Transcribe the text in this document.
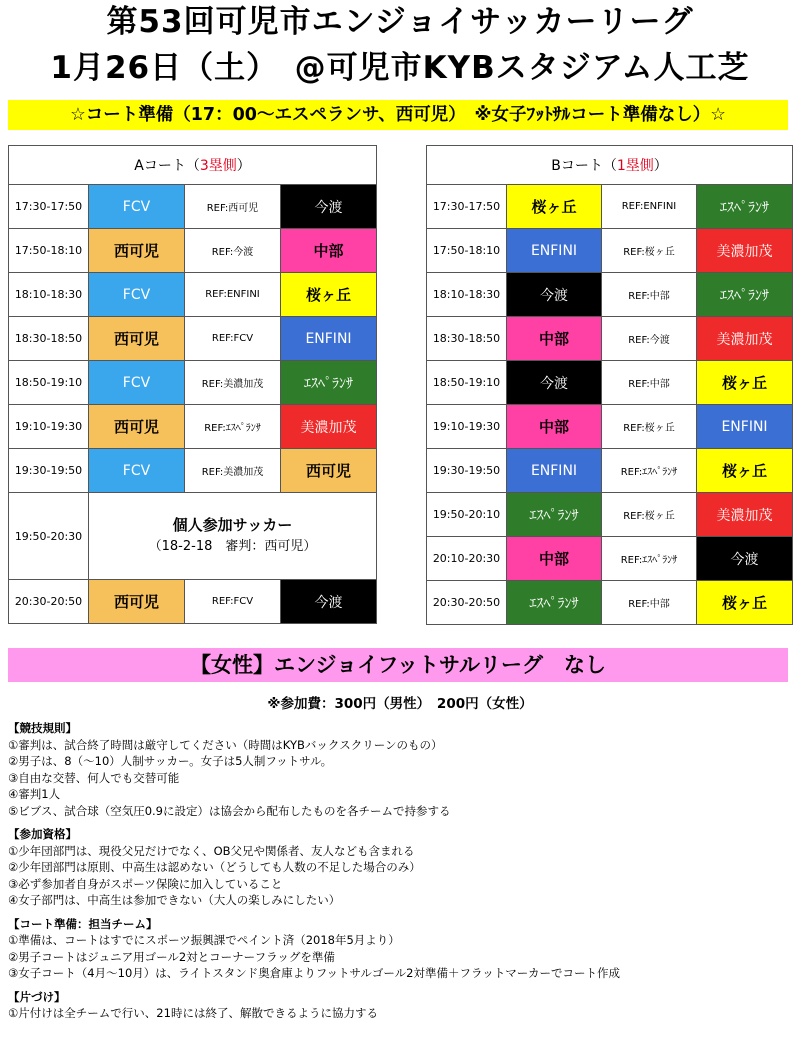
第53回可児市エンジョイサッカーリーグ
1月26日（土）　@可児市KYBスタジアム人工芝
☆コート準備（17：00～エスペランサ、西可児）　※女子ﾌｯﾄｻﾙコート準備なし）☆
Aコート（3塁側）			
17:30-17:50	FCV	REF:西可児	今渡
17:50-18:10	西可児	REF:今渡	中部
18:10-18:30	FCV	REF:ENFINI	桜ヶ丘
18:30-18:50	西可児	REF:FCV	ENFINI
18:50-19:10	FCV	REF:美濃加茂	ｴｽﾍﾟﾗﾝｻ
19:10-19:30	西可児	REF:ｴｽﾍﾟﾗﾝｻ	美濃加茂
19:30-19:50	FCV	REF:美濃加茂	西可児
19:50-20:30	個人参加サッカー
（18-2-18　審判：西可児）		

20:30-20:50	西可児	REF:FCV	今渡
Bコート（1塁側）			
17:30-17:50	桜ヶ丘	REF:ENFINI	ｴｽﾍﾟﾗﾝｻ
17:50-18:10	ENFINI	REF:桜ヶ丘	美濃加茂
18:10-18:30	今渡	REF:中部	ｴｽﾍﾟﾗﾝｻ
18:30-18:50	中部	REF:今渡	美濃加茂
18:50-19:10	今渡	REF:中部	桜ヶ丘
19:10-19:30	中部	REF:桜ヶ丘	ENFINI
19:30-19:50	ENFINI	REF:ｴｽﾍﾟﾗﾝｻ	桜ヶ丘
19:50-20:10	ｴｽﾍﾟﾗﾝｻ	REF:桜ヶ丘	美濃加茂
20:10-20:30	中部	REF:ｴｽﾍﾟﾗﾝｻ	今渡
20:30-20:50	ｴｽﾍﾟﾗﾝｻ	REF:中部	桜ヶ丘
【女性】エンジョイフットサルリーグ　なし
※参加費：300円（男性）　200円（女性）
【競技規則】
①審判は、試合終了時間は厳守してください（時間はKYBバックスクリーンのもの）
②男子は、8（～10）人制サッカー。女子は5人制フットサル。
③自由な交替、何人でも交替可能
④審判1人
⑤ビブス、試合球（空気圧0.9に設定）は協会から配布したものを各チームで持参する
【参加資格】
①少年団部門は、現役父兄だけでなく、OB父兄や関係者、友人なども含まれる
②少年団部門は原則、中高生は認めない（どうしても人数の不足した場合のみ）
③必ず参加者自身がスポーツ保険に加入していること
④女子部門は、中高生は参加できない（大人の楽しみにしたい）
【コート準備：担当チーム】
①準備は、コートはすでにスポーツ振興課でペイント済（2018年5月より）
②男子コートはジュニア用ゴール2対とコーナーフラッグを準備
③女子コート（4月～10月）は、ライトスタンド奥倉庫よりフットサルゴール2対準備＋フラットマーカーでコート作成
【片づけ】
①片付けは全チームで行い、21時には終了、解散できるように協力する
